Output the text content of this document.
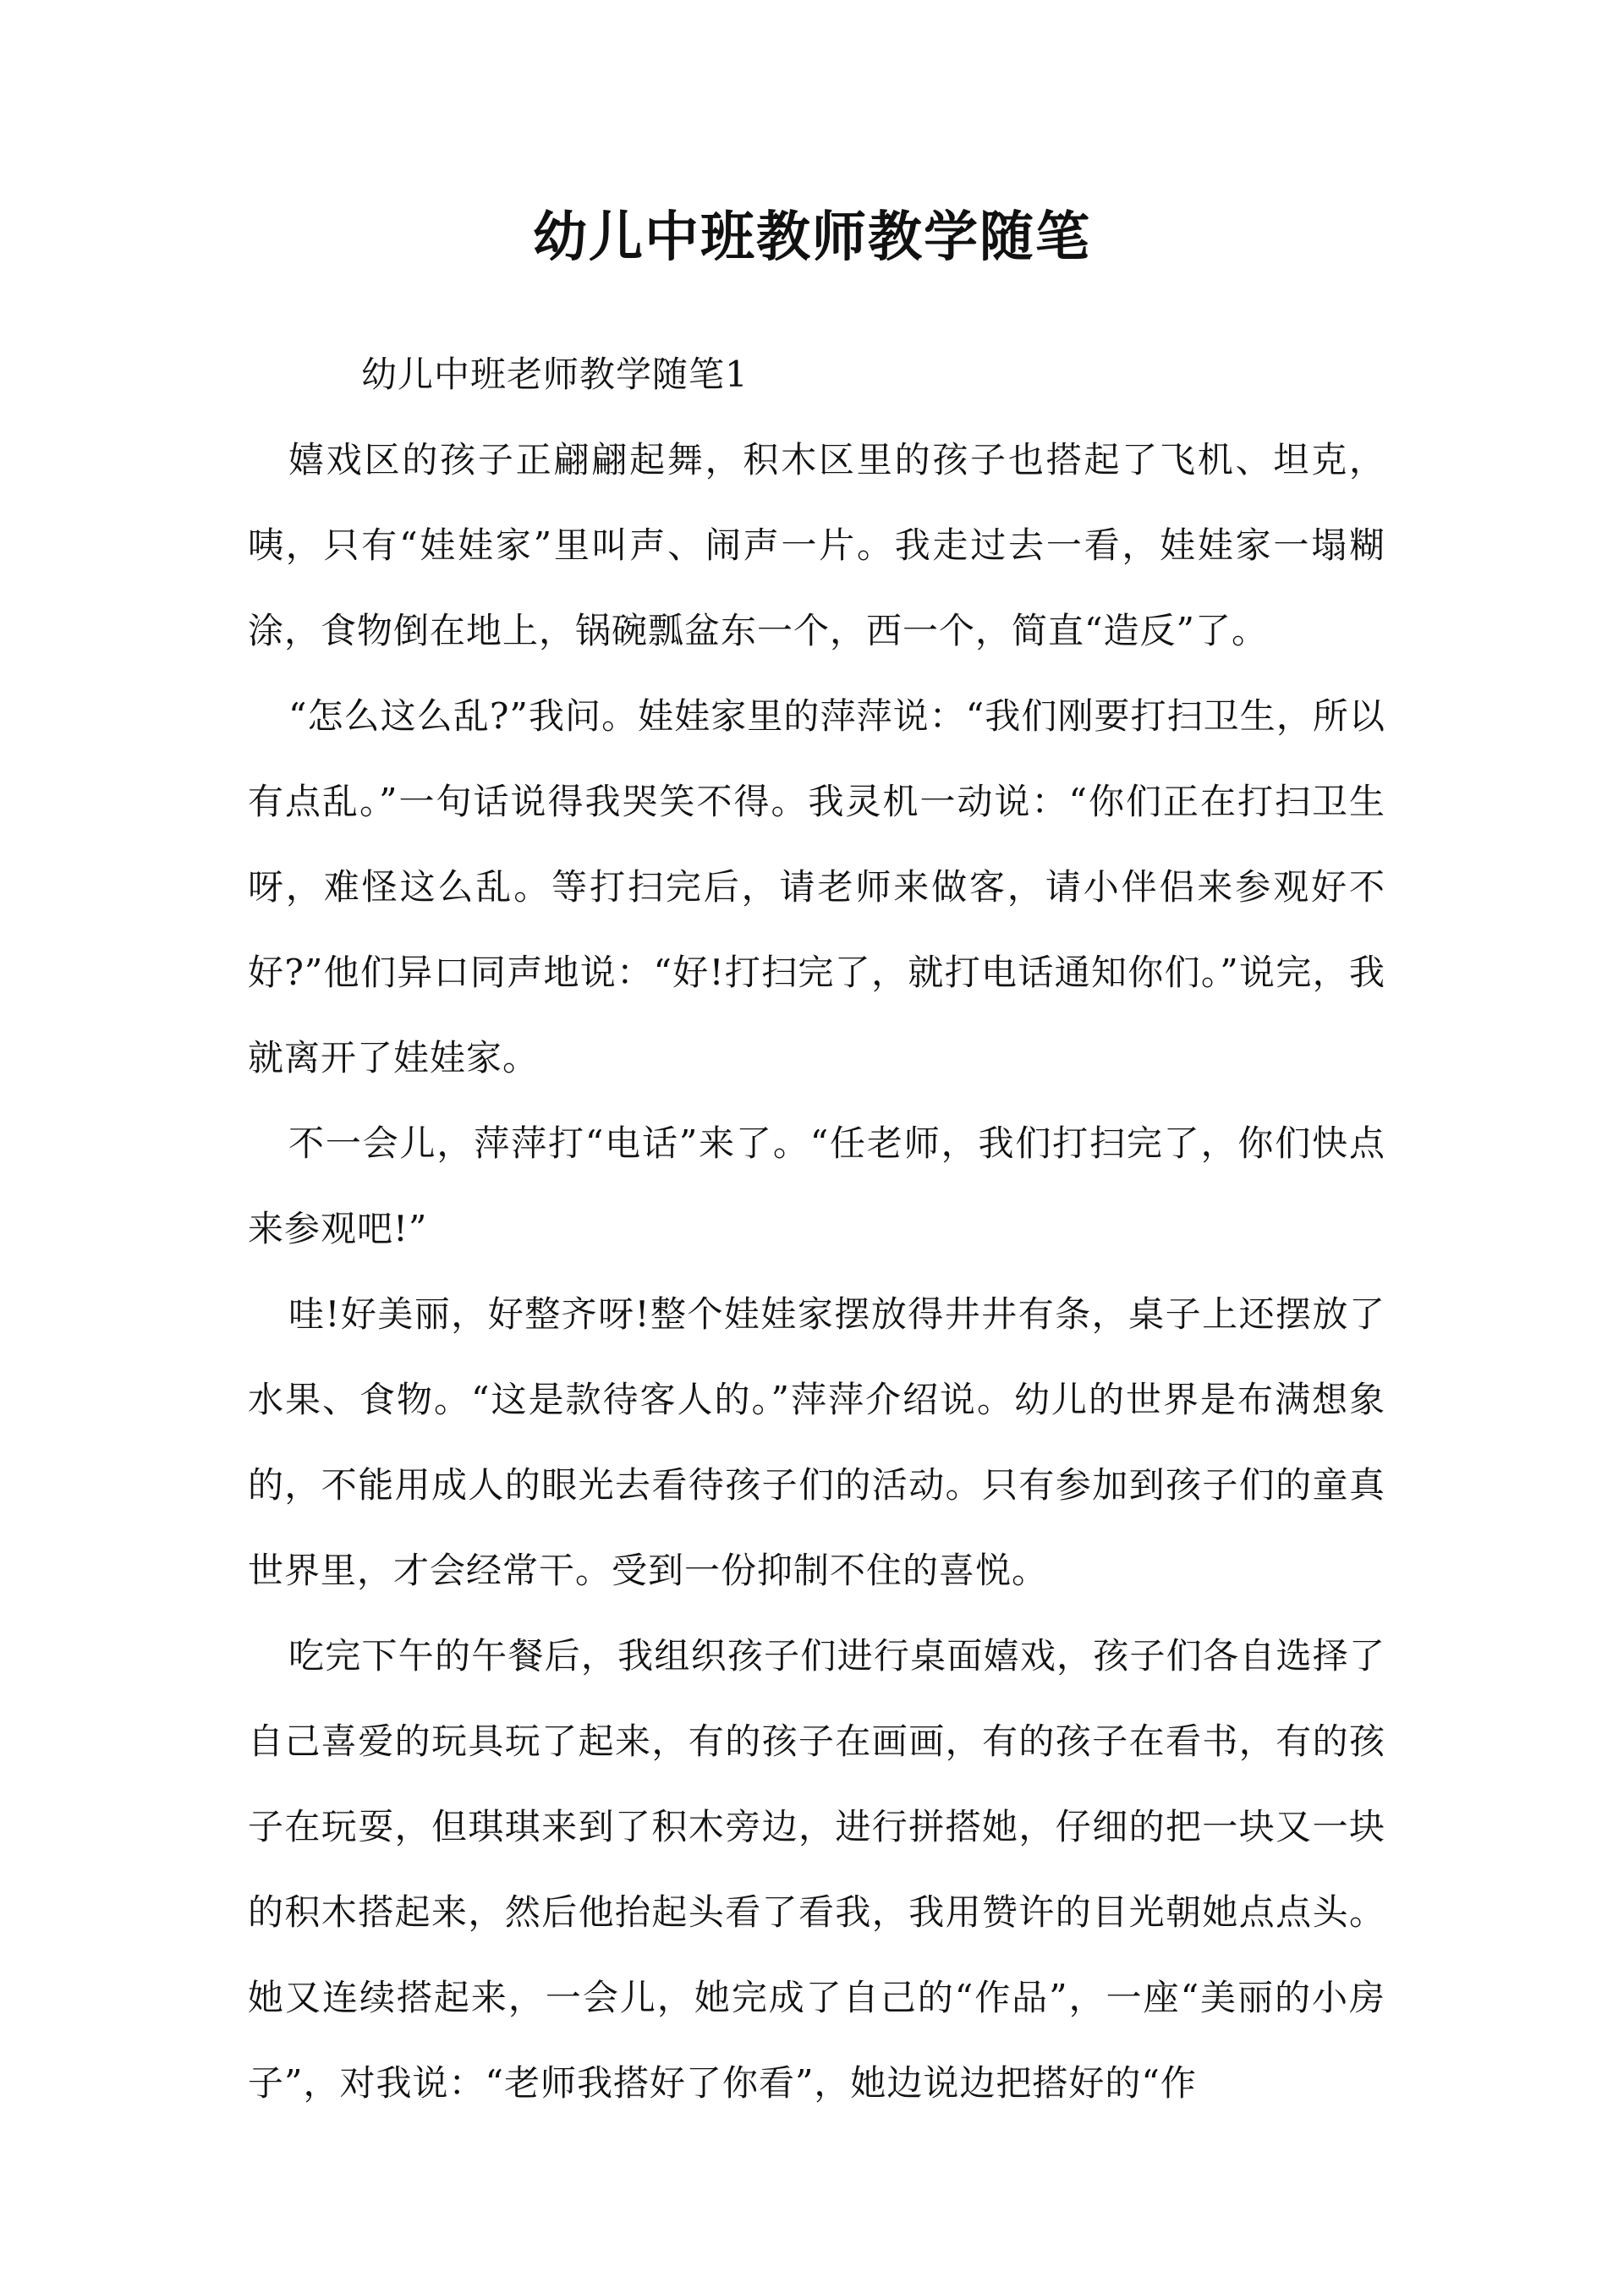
幼儿中班教师教学随笔
幼儿中班老师教学随笔1

嬉戏区的孩子正翩翩起舞，积木区里的孩子也搭起了飞机、坦克，咦，只有“娃娃家”里叫声、闹声一片。我走过去一看，娃娃家一塌糊涂，食物倒在地上，锅碗瓢盆东一个，西一个，简直“造反”了。

“怎么这么乱?”我问。娃娃家里的萍萍说：“我们刚要打扫卫生，所以有点乱。”一句话说得我哭笑不得。我灵机一动说：“你们正在打扫卫生呀，难怪这么乱。等打扫完后，请老师来做客，请小伴侣来参观好不好?”他们异口同声地说：“好!打扫完了，就打电话通知你们。”说完，我就离开了娃娃家。

不一会儿，萍萍打“电话”来了。“任老师，我们打扫完了，你们快点来参观吧!”

哇!好美丽，好整齐呀!整个娃娃家摆放得井井有条，桌子上还摆放了水果、食物。“这是款待客人的。”萍萍介绍说。幼儿的世界是布满想象的，不能用成人的眼光去看待孩子们的活动。只有参加到孩子们的童真世界里，才会经常干。受到一份抑制不住的喜悦。

吃完下午的午餐后，我组织孩子们进行桌面嬉戏，孩子们各自选择了自己喜爱的玩具玩了起来，有的孩子在画画，有的孩子在看书，有的孩子在玩耍，但琪琪来到了积木旁边，进行拼搭她，仔细的把一块又一块的积木搭起来，然后他抬起头看了看我，我用赞许的目光朝她点点头。她又连续搭起来，一会儿，她完成了自己的“作品”，一座“美丽的小房子”，对我说：“老师我搭好了你看”，她边说边把搭好的“作
